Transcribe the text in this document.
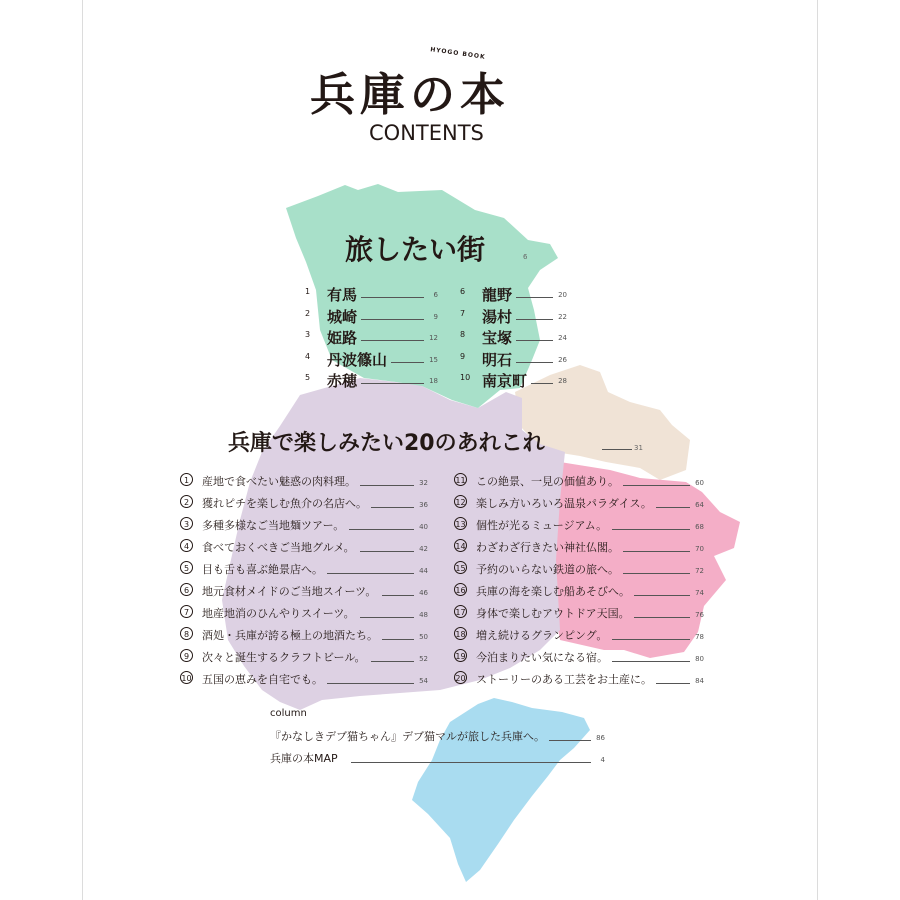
兵庫の本
HYOGO BOOK
CONTENTS
旅したい街	6
1 有馬	6
2 城崎	9
3 姫路	12
4 丹波篠山	15
5 赤穂	18
6 龍野	20
7 湯村	22
8 宝塚	24
9 明石	26
10 南京町	28
兵庫で楽しみたい20のあれこれ	31
1	産地で食べたい魅惑の肉料理。	32
2	獲れピチを楽しむ魚介の名店へ。	36
3	多種多様なご当地麺ツアー。	40
4	食べておくべきご当地グルメ。	42
5	目も舌も喜ぶ絶景店へ。	44
6	地元食材メイドのご当地スイーツ。	46
7	地産地消のひんやりスイーツ。	48
8	酒処・兵庫が誇る極上の地酒たち。	50
9	次々と誕生するクラフトビール。	52
10 五国の恵みを自宅でも。	54
11 この絶景、一見の価値あり。	60
12 楽しみ方いろいろ温泉パラダイス。	64
13 個性が光るミュージアム。	68
14 わざわざ行きたい神社仏閣。	70
15 予約のいらない鉄道の旅へ。	72
16 兵庫の海を楽しむ船あそびへ。	74
17 身体で楽しむアウトドア天国。	76
18 増え続けるグランピング。	78
19 今泊まりたい気になる宿。	80
20 ストーリーのある工芸をお土産に。	84
column
『かなしきデブ猫ちゃん』デブ猫マルが旅した兵庫へ。	86
兵庫の本MAP	4
